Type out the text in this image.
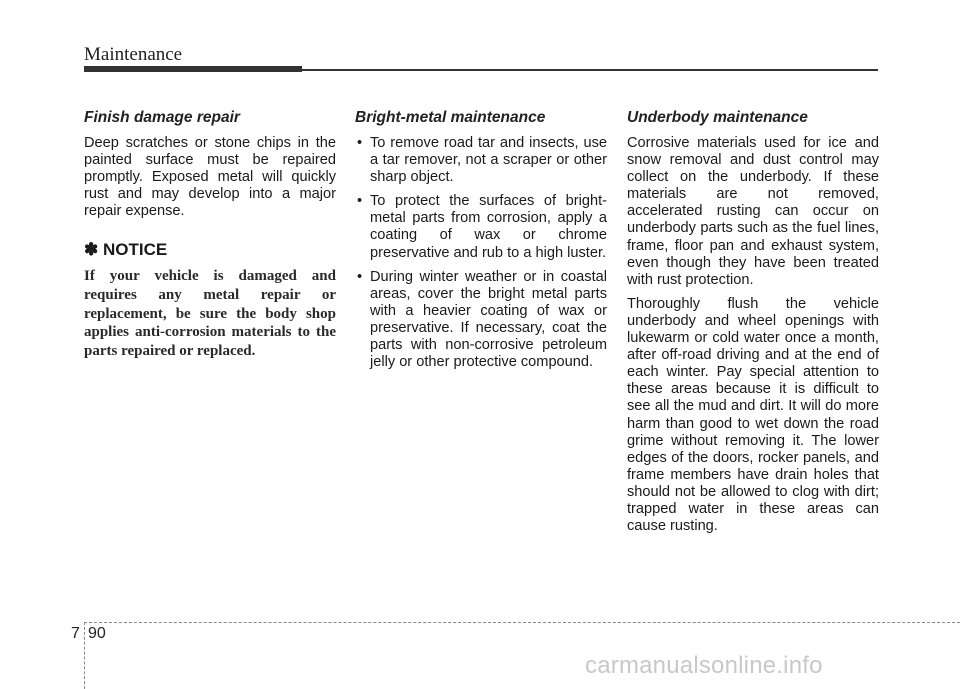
Maintenance
Finish damage repair

Deep scratches or stone chips in the painted surface must be repaired promptly. Exposed metal will quickly rust and may develop into a major repair expense.

✽ NOTICE

If your vehicle is damaged and requires any metal repair or replacement, be sure the body shop applies anti-corrosion materials to the parts repaired or replaced.

Bright-metal maintenance
• To remove road tar and insects, use a tar remover, not a scraper or other sharp object.
• To protect the surfaces of bright-metal parts from corrosion, apply a coating of wax or chrome preservative and rub to a high luster.
• During winter weather or in coastal areas, cover the bright metal parts with a heavier coating of wax or preservative. If necessary, coat the parts with non-corrosive petroleum jelly or other protective compound.
Underbody maintenance

Corrosive materials used for ice and snow removal and dust control may collect on the underbody. If these materials are not removed, accelerated rusting can occur on underbody parts such as the fuel lines, frame, floor pan and exhaust system, even though they have been treated with rust protection.

Thoroughly flush the vehicle underbody and wheel openings with lukewarm or cold water once a month, after off-road driving and at the end of each winter. Pay special attention to these areas because it is difficult to see all the mud and dirt. It will do more harm than good to wet down the road grime without removing it. The lower edges of the doors, rocker panels, and frame members have drain holes that should not be allowed to clog with dirt; trapped water in these areas can cause rusting.

7 90
carmanualsonline.info
